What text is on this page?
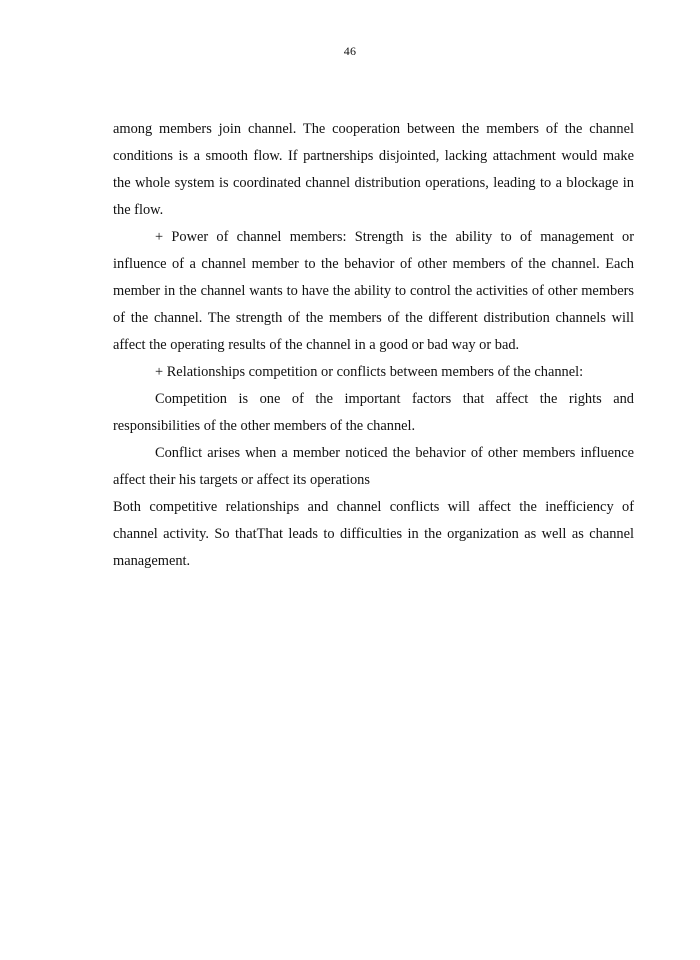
46

among members join channel. The cooperation between the members of the channel conditions is a smooth flow. If partnerships disjointed, lacking attachment would make the whole system is coordinated channel distribution operations, leading to a blockage in the flow.

+ Power of channel members: Strength is the ability to of management or influence of a channel member to the behavior of other members of the channel. Each member in the channel wants to have the ability to control the activities of other members of the channel. The strength of the members of the different distribution channels will affect the operating results of the channel in a good or bad way or bad.

+ Relationships competition or conflicts between members of the channel:

Competition is one of the important factors that affect the rights and responsibilities of the other members of the channel.

Conflict arises when a member noticed the behavior of other members influence affect their his targets or affect its operations

Both competitive relationships and channel conflicts will affect the inefficiency of channel activity. So thatThat leads to difficulties in the organization as well as channel management.
